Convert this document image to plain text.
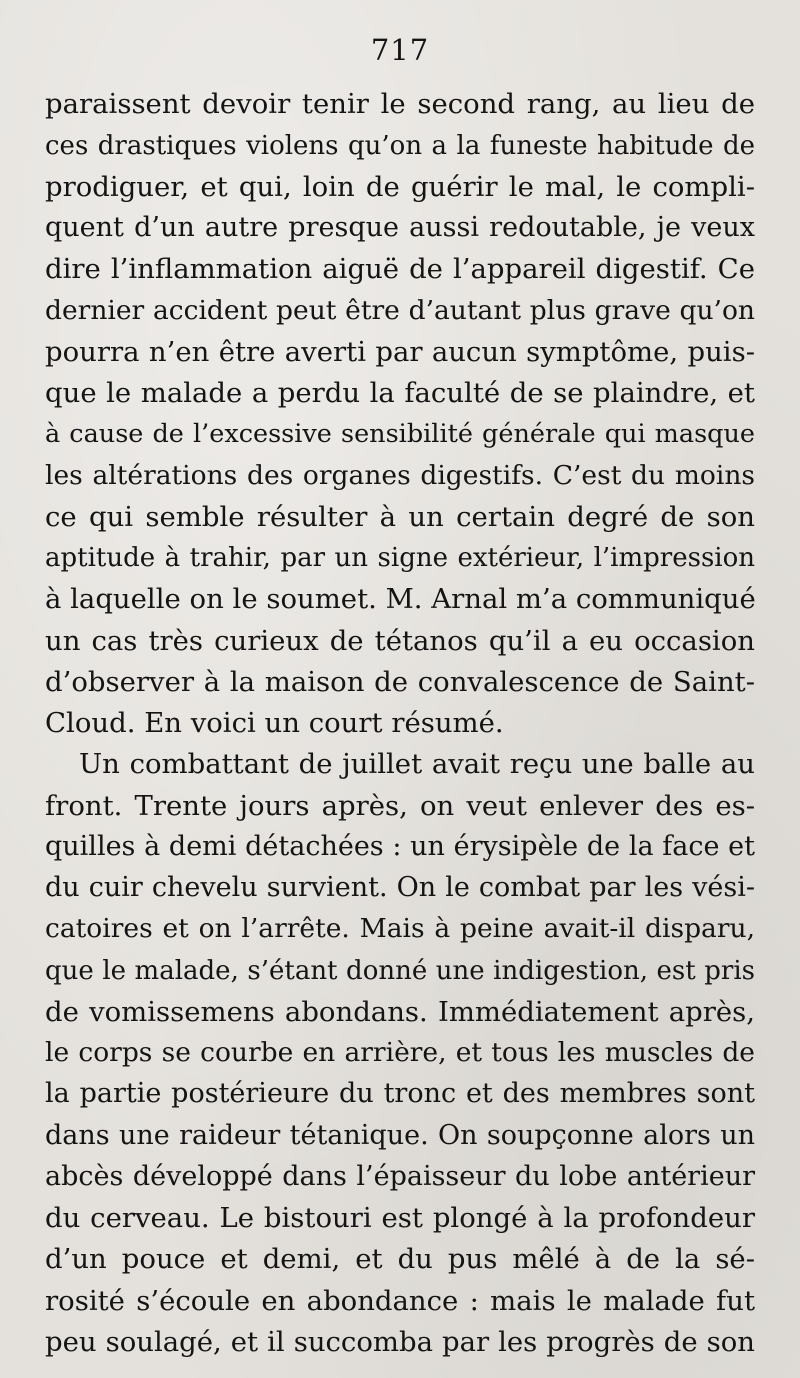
717
paraissent devoir tenir le second rang, au lieu de
ces drastiques violens qu’on a la funeste habitude de
prodiguer, et qui, loin de guérir le mal, le compli-
quent d’un autre presque aussi redoutable, je veux
dire l’inflammation aiguë de l’appareil digestif. Ce
dernier accident peut être d’autant plus grave qu’on
pourra n’en être averti par aucun symptôme, puis-
que le malade a perdu la faculté de se plaindre, et
à cause de l’excessive sensibilité générale qui masque
les altérations des organes digestifs. C’est du moins
ce qui semble résulter à un certain degré de son
aptitude à trahir, par un signe extérieur, l’impression
à laquelle on le soumet. M. Arnal m’a communiqué
un cas très curieux de tétanos qu’il a eu occasion
d’observer à la maison de convalescence de Saint-
Cloud. En voici un court résumé.
Un combattant de juillet avait reçu une balle au
front. Trente jours après, on veut enlever des es-
quilles à demi détachées : un érysipèle de la face et
du cuir chevelu survient. On le combat par les vési-
catoires et on l’arrête. Mais à peine avait-il disparu,
que le malade, s’étant donné une indigestion, est pris
de vomissemens abondans. Immédiatement après,
le corps se courbe en arrière, et tous les muscles de
la partie postérieure du tronc et des membres sont
dans une raideur tétanique. On soupçonne alors un
abcès développé dans l’épaisseur du lobe antérieur
du cerveau. Le bistouri est plongé à la profondeur
d’un pouce et demi, et du pus mêlé à de la sé-
rosité s’écoule en abondance : mais le malade fut
peu soulagé, et il succomba par les progrès de son
